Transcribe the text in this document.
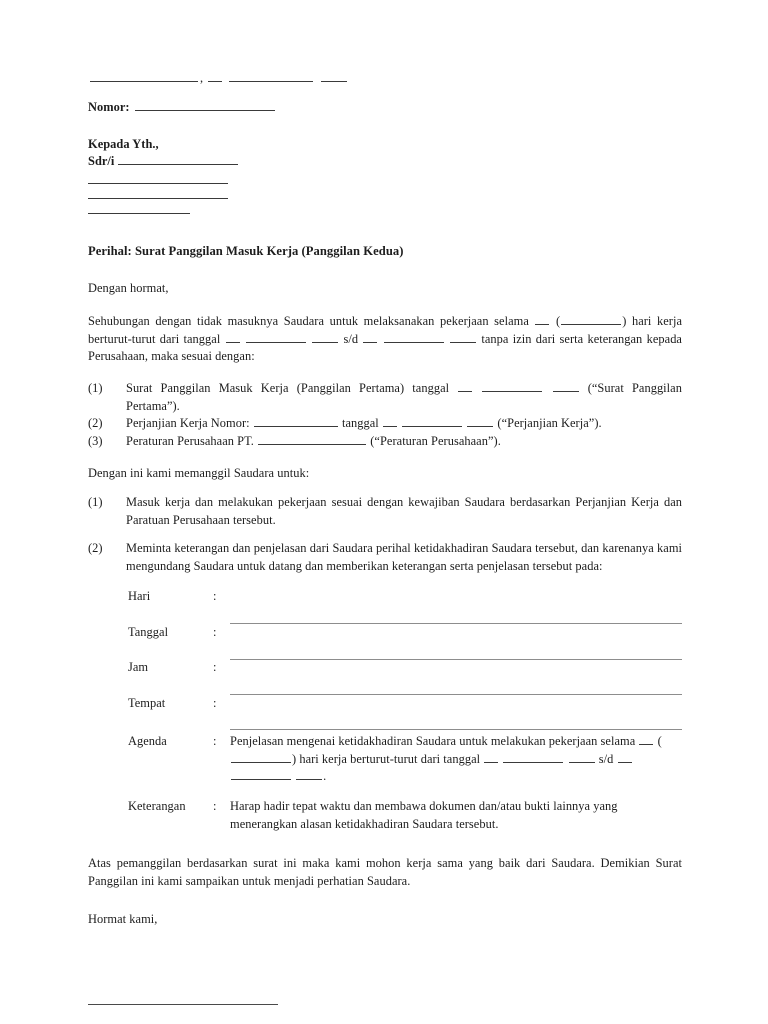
,
Nomor:
Kepada Yth.,
Sdr/i
Perihal: Surat Panggilan Masuk Kerja (Panggilan Kedua)
Dengan hormat,
Sehubungan dengan tidak masuknya Saudara untuk melaksanakan pekerjaan selama  (	) hari kerja berturut-turut dari tanggal	s/d	tanpa izin dari serta keterangan kepada Perusahaan, maka sesuai dengan:
(1)	Surat Panggilan Masuk Kerja (Panggilan Pertama) tanggal	(“Surat Panggilan Pertama”).
(2)	Perjanjian Kerja Nomor:	tanggal	(“Perjanjian Kerja”).
(3)	Peraturan Perusahaan PT.	(“Peraturan Perusahaan”).
Dengan ini kami memanggil Saudara untuk:
(1)	Masuk kerja dan melakukan pekerjaan sesuai dengan kewajiban Saudara berdasarkan Perjanjian Kerja dan Paratuan Perusahaan tersebut.
(2)	Meminta keterangan dan penjelasan dari Saudara perihal ketidakhadiran Saudara tersebut, dan karenanya kami mengundang Saudara untuk datang dan memberikan keterangan serta penjelasan tersebut pada:
Hari	:	
Tanggal	:	
Jam	:	
Tempat	:	
Agenda	:	Penjelasan mengenai ketidakhadiran Saudara untuk melakukan pekerjaan selama  () hari kerja berturut-turut dari tanggal s/d   .
Keterangan	:	Harap hadir tepat waktu dan membawa dokumen dan/atau bukti lainnya yang menerangkan alasan ketidakhadiran Saudara tersebut.
Atas pemanggilan berdasarkan surat ini maka kami mohon kerja sama yang baik dari Saudara. Demikian Surat Panggilan ini kami sampaikan untuk menjadi perhatian Saudara.
Hormat kami,
